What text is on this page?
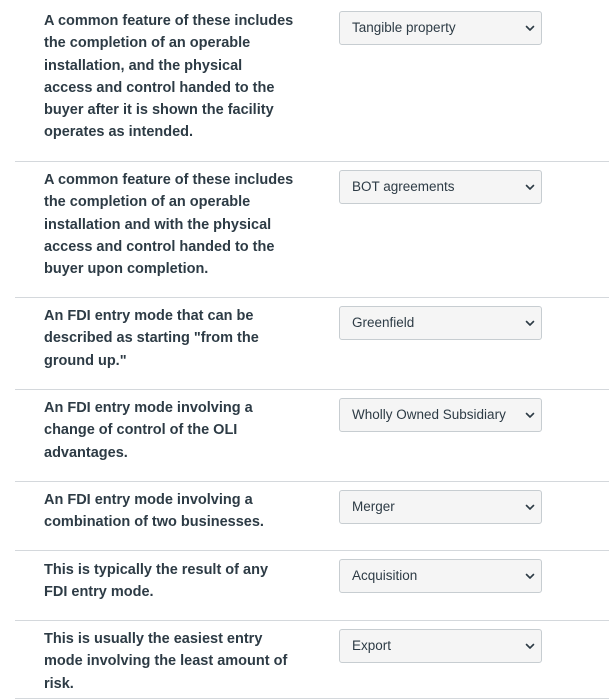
A common feature of these includes the completion of an operable installation, and the physical access and control handed to the buyer after it is shown the facility operates as intended.

Tangible property

A common feature of these includes the completion of an operable installation and with the physical access and control handed to the buyer upon completion.

BOT agreements

An FDI entry mode that can be described as starting "from the ground up."

Greenfield

An FDI entry mode involving a change of control of the OLI advantages.

Wholly Owned Subsidiary

An FDI entry mode involving a combination of two businesses.

Merger

This is typically the result of any FDI entry mode.

Acquisition

This is usually the easiest entry mode involving the least amount of risk.

Export
